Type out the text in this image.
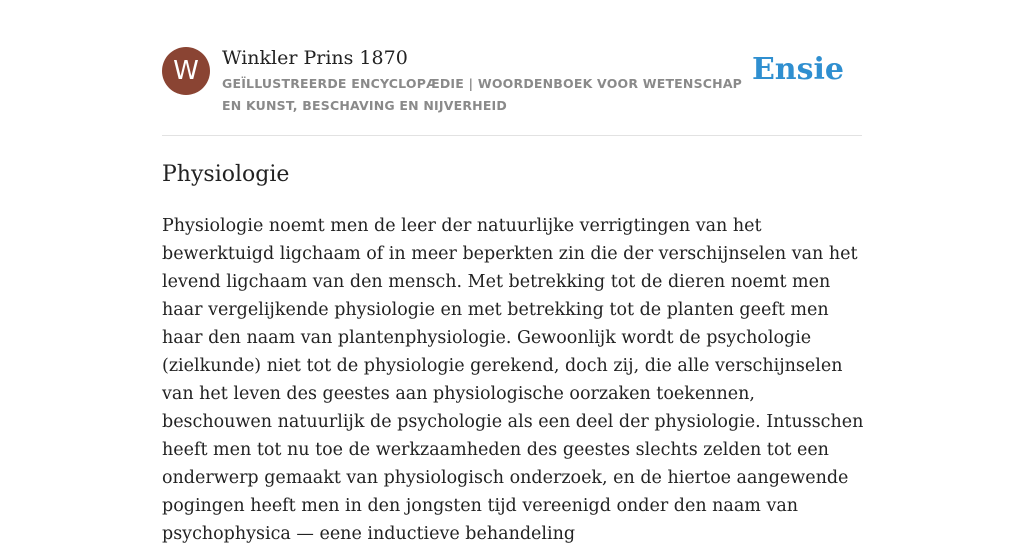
W	Winkler Prins 1870
GEÏLLUSTREERDE ENCYCLOPÆDIE | WOORDENBOEK VOOR WETENSCHAP EN KUNST, BESCHAVING EN NIJVERHEID
Ensie
Physiologie

Physiologie noemt men de leer der natuurlijke verrigtingen van het bewerktuigd ligchaam of in meer beperkten zin die der verschijnselen van het levend ligchaam van den mensch. Met betrekking tot de dieren noemt men haar vergelijkende physiologie en met betrekking tot de planten geeft men haar den naam van plantenphysiologie. Gewoonlijk wordt de psychologie (zielkunde) niet tot de physiologie gerekend, doch zij, die alle verschijnselen van het leven des geestes aan physiologische oorzaken toekennen, beschouwen natuurlijk de psychologie als een deel der physiologie. Intusschen heeft men tot nu toe de werkzaamheden des geestes slechts zelden tot een onderwerp gemaakt van physiologisch onderzoek, en de hiertoe aangewende pogingen heeft men in den jongsten tijd vereenigd onder den naam van psychophysica — eene inductieve behandeling
